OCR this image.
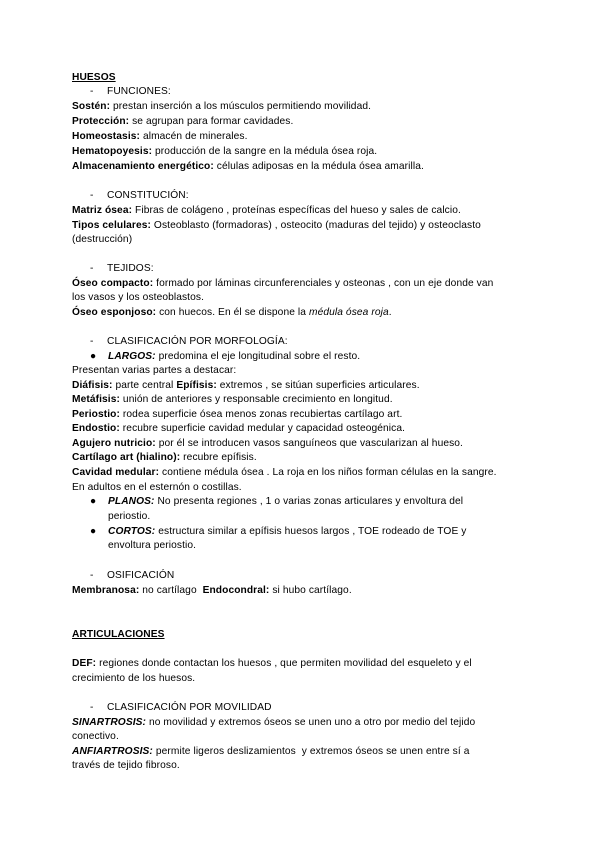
HUESOS
- FUNCIONES:
Sostén: prestan inserción a los músculos permitiendo movilidad.
Protección: se agrupan para formar cavidades.
Homeostasis: almacén de minerales.
Hematopoyesis: producción de la sangre en la médula ósea roja.
Almacenamiento energético: células adiposas en la médula ósea amarilla.
- CONSTITUCIÓN:
Matriz ósea: Fibras de colágeno , proteínas específicas del hueso y sales de calcio.
Tipos celulares: Osteoblasto (formadoras) , osteocito (maduras del tejido) y osteoclasto
(destrucción)
- TEJIDOS:
Óseo compacto: formado por láminas circunferenciales y osteonas , con un eje donde van
los vasos y los osteoblastos.
Óseo esponjoso: con huecos. En él se dispone la médula ósea roja.
- CLASIFICACIÓN POR MORFOLOGÍA:
● LARGOS: predomina el eje longitudinal sobre el resto.
Presentan varias partes a destacar:
Diáfisis: parte central Epífisis: extremos , se sitúan superficies articulares.
Metáfisis: unión de anteriores y responsable crecimiento en longitud.
Periostio: rodea superficie ósea menos zonas recubiertas cartílago art.
Endostio: recubre superficie cavidad medular y capacidad osteogénica.
Agujero nutricio: por él se introducen vasos sanguíneos que vascularizan al hueso.
Cartílago art (hialino): recubre epífisis.
Cavidad medular: contiene médula ósea . La roja en los niños forman células en la sangre.
En adultos en el esternón o costillas.
● PLANOS: No presenta regiones , 1 o varias zonas articulares y envoltura del
periostio.
● CORTOS: estructura similar a epífisis huesos largos , TOE rodeado de TOE y
envoltura periostio.
- OSIFICACIÓN
Membranosa: no cartílago  Endocondral: si hubo cartílago.
ARTICULACIONES
DEF: regiones donde contactan los huesos , que permiten movilidad del esqueleto y el
crecimiento de los huesos.
- CLASIFICACIÓN POR MOVILIDAD
SINARTROSIS: no movilidad y extremos óseos se unen uno a otro por medio del tejido
conectivo.
ANFIARTROSIS: permite ligeros deslizamientos  y extremos óseos se unen entre sí a
través de tejido fibroso.
